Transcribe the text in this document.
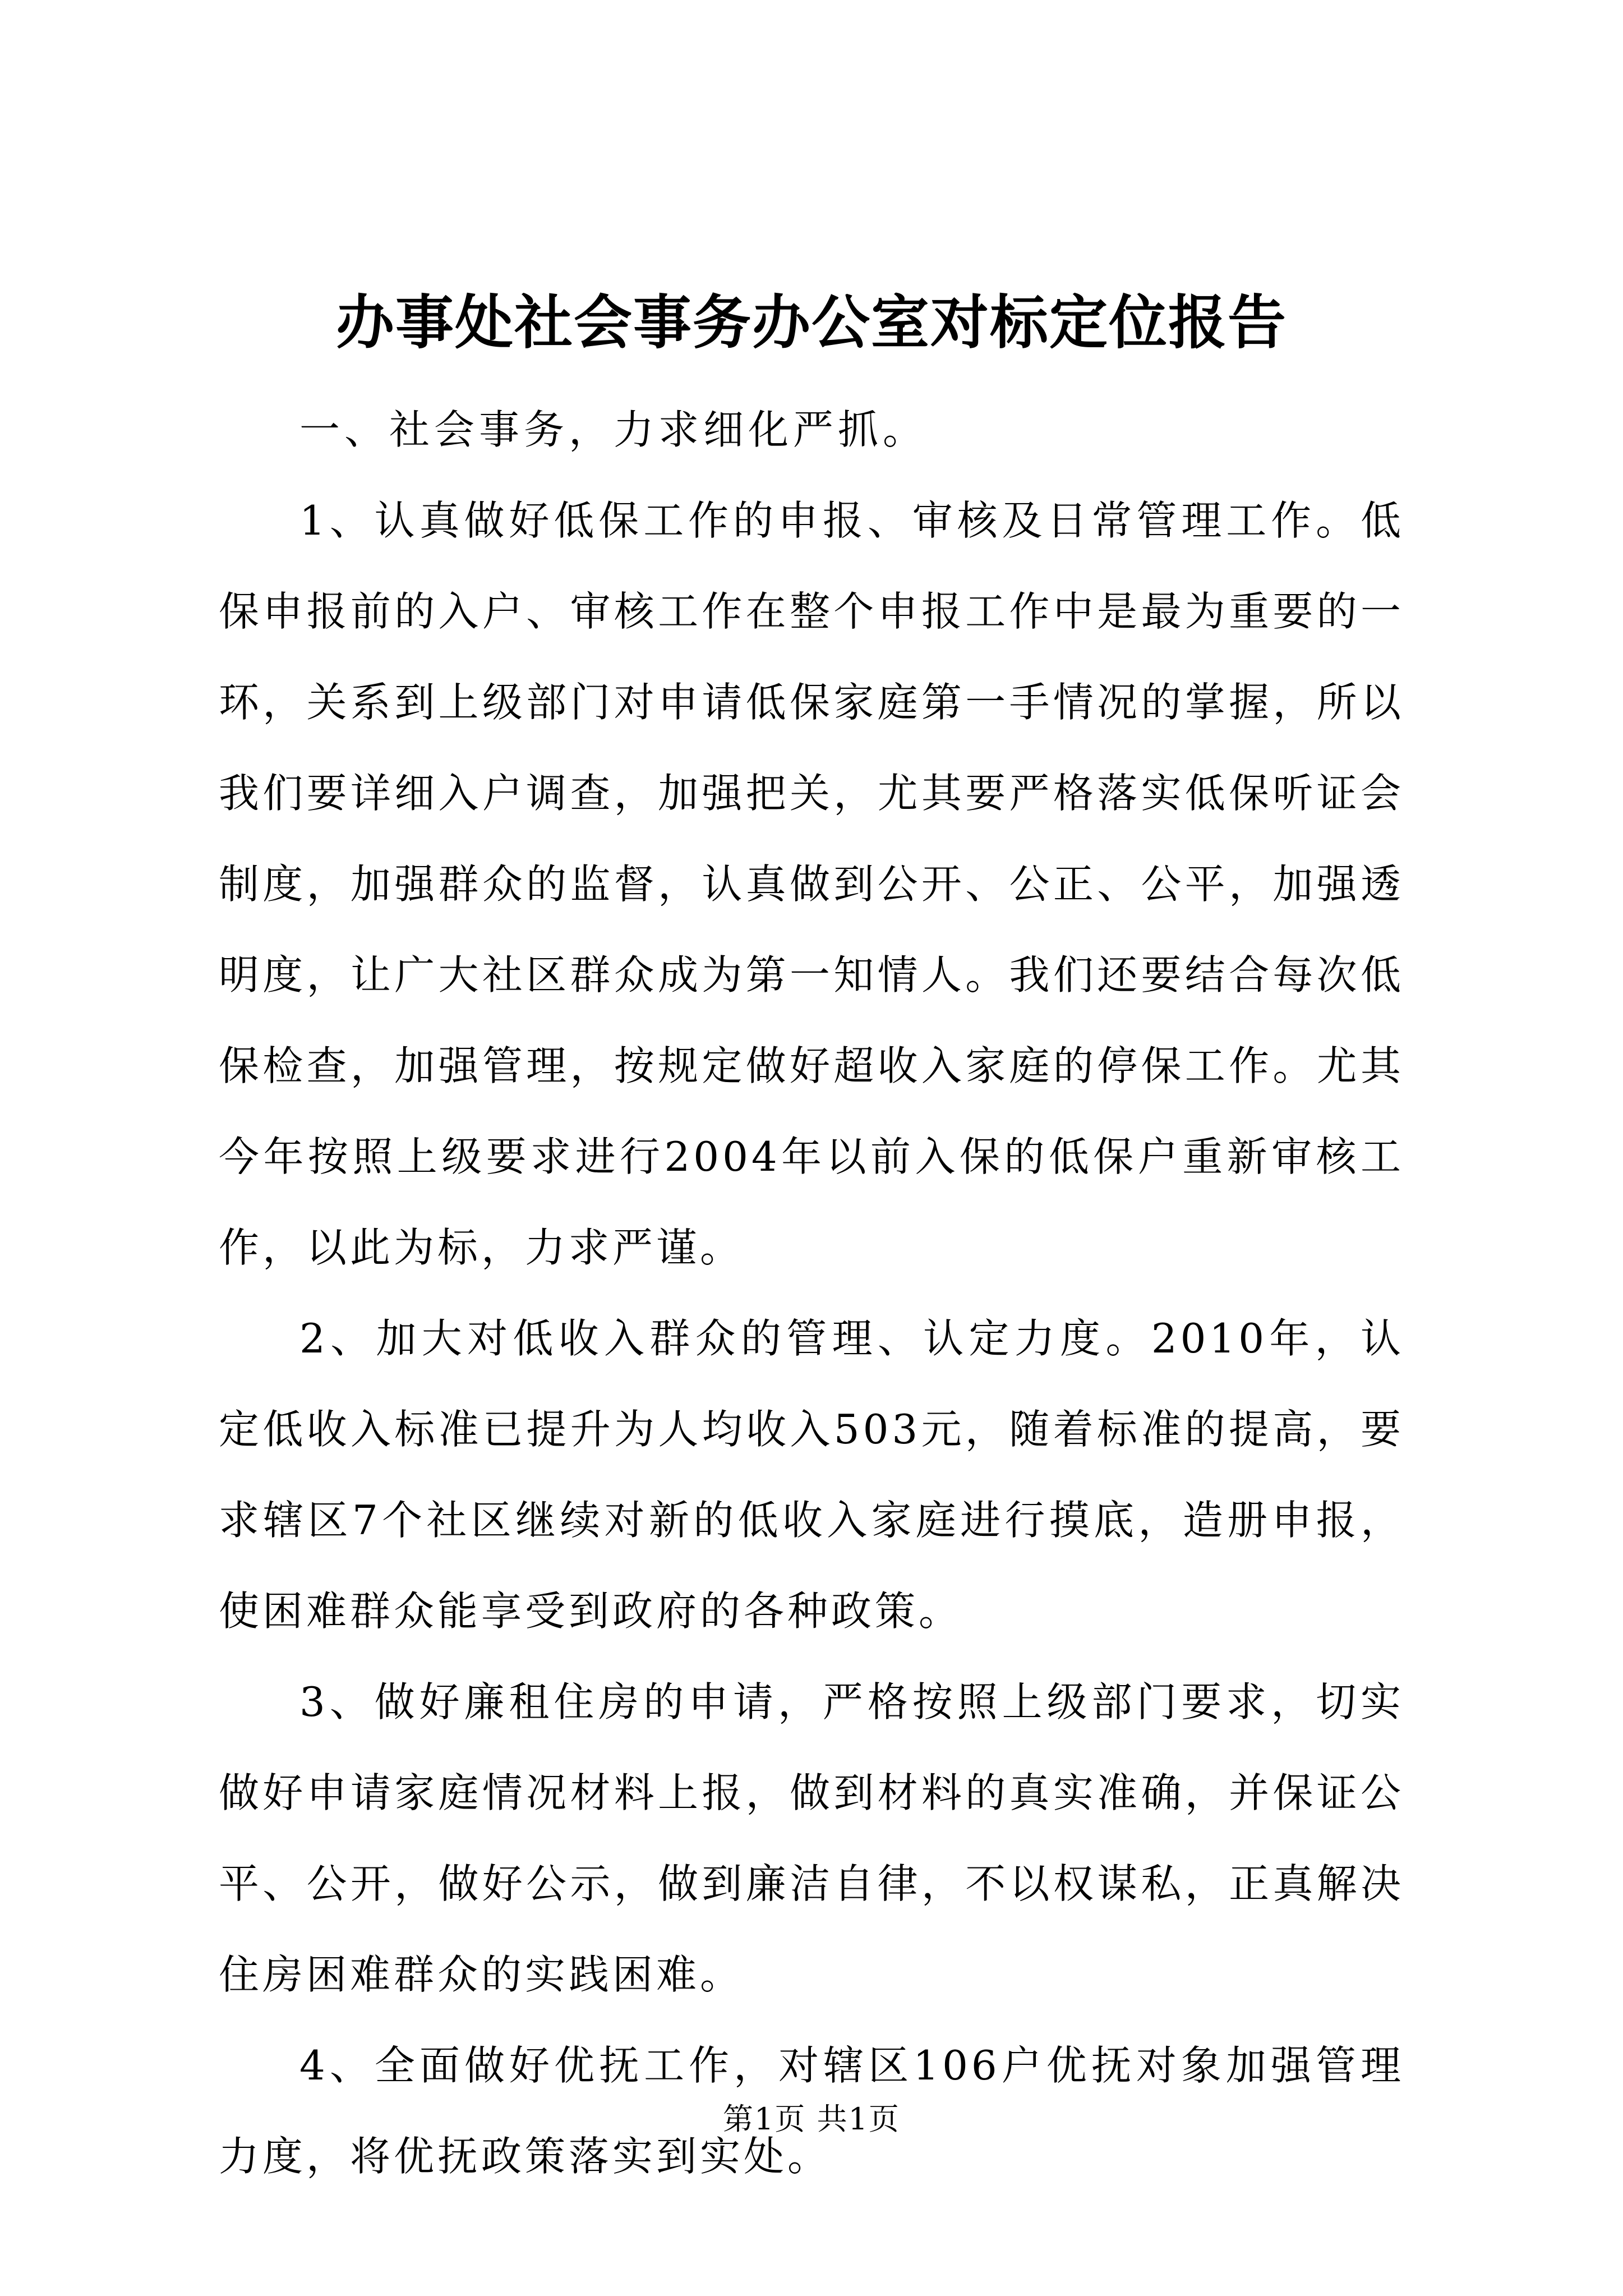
办事处社会事务办公室对标定位报告

一、社会事务，力求细化严抓。

1、认真做好低保工作的申报、审核及日常管理工作。低保申报前的入户、审核工作在整个申报工作中是最为重要的一环，关系到上级部门对申请低保家庭第一手情况的掌握，所以我们要详细入户调查，加强把关，尤其要严格落实低保听证会制度，加强群众的监督，认真做到公开、公正、公平，加强透明度，让广大社区群众成为第一知情人。我们还要结合每次低保检查，加强管理，按规定做好超收入家庭的停保工作。尤其今年按照上级要求进行2004年以前入保的低保户重新审核工作，以此为标，力求严谨。

2、加大对低收入群众的管理、认定力度。2010年，认定低收入标准已提升为人均收入503元，随着标准的提高，要求辖区7个社区继续对新的低收入家庭进行摸底，造册申报，使困难群众能享受到政府的各种政策。

3、做好廉租住房的申请，严格按照上级部门要求，切实做好申请家庭情况材料上报，做到材料的真实准确，并保证公平、公开，做好公示，做到廉洁自律，不以权谋私，正真解决住房困难群众的实践困难。

4、全面做好优抚工作，对辖区106户优抚对象加强管理力度，将优抚政策落实到实处。

第1页 共1页
